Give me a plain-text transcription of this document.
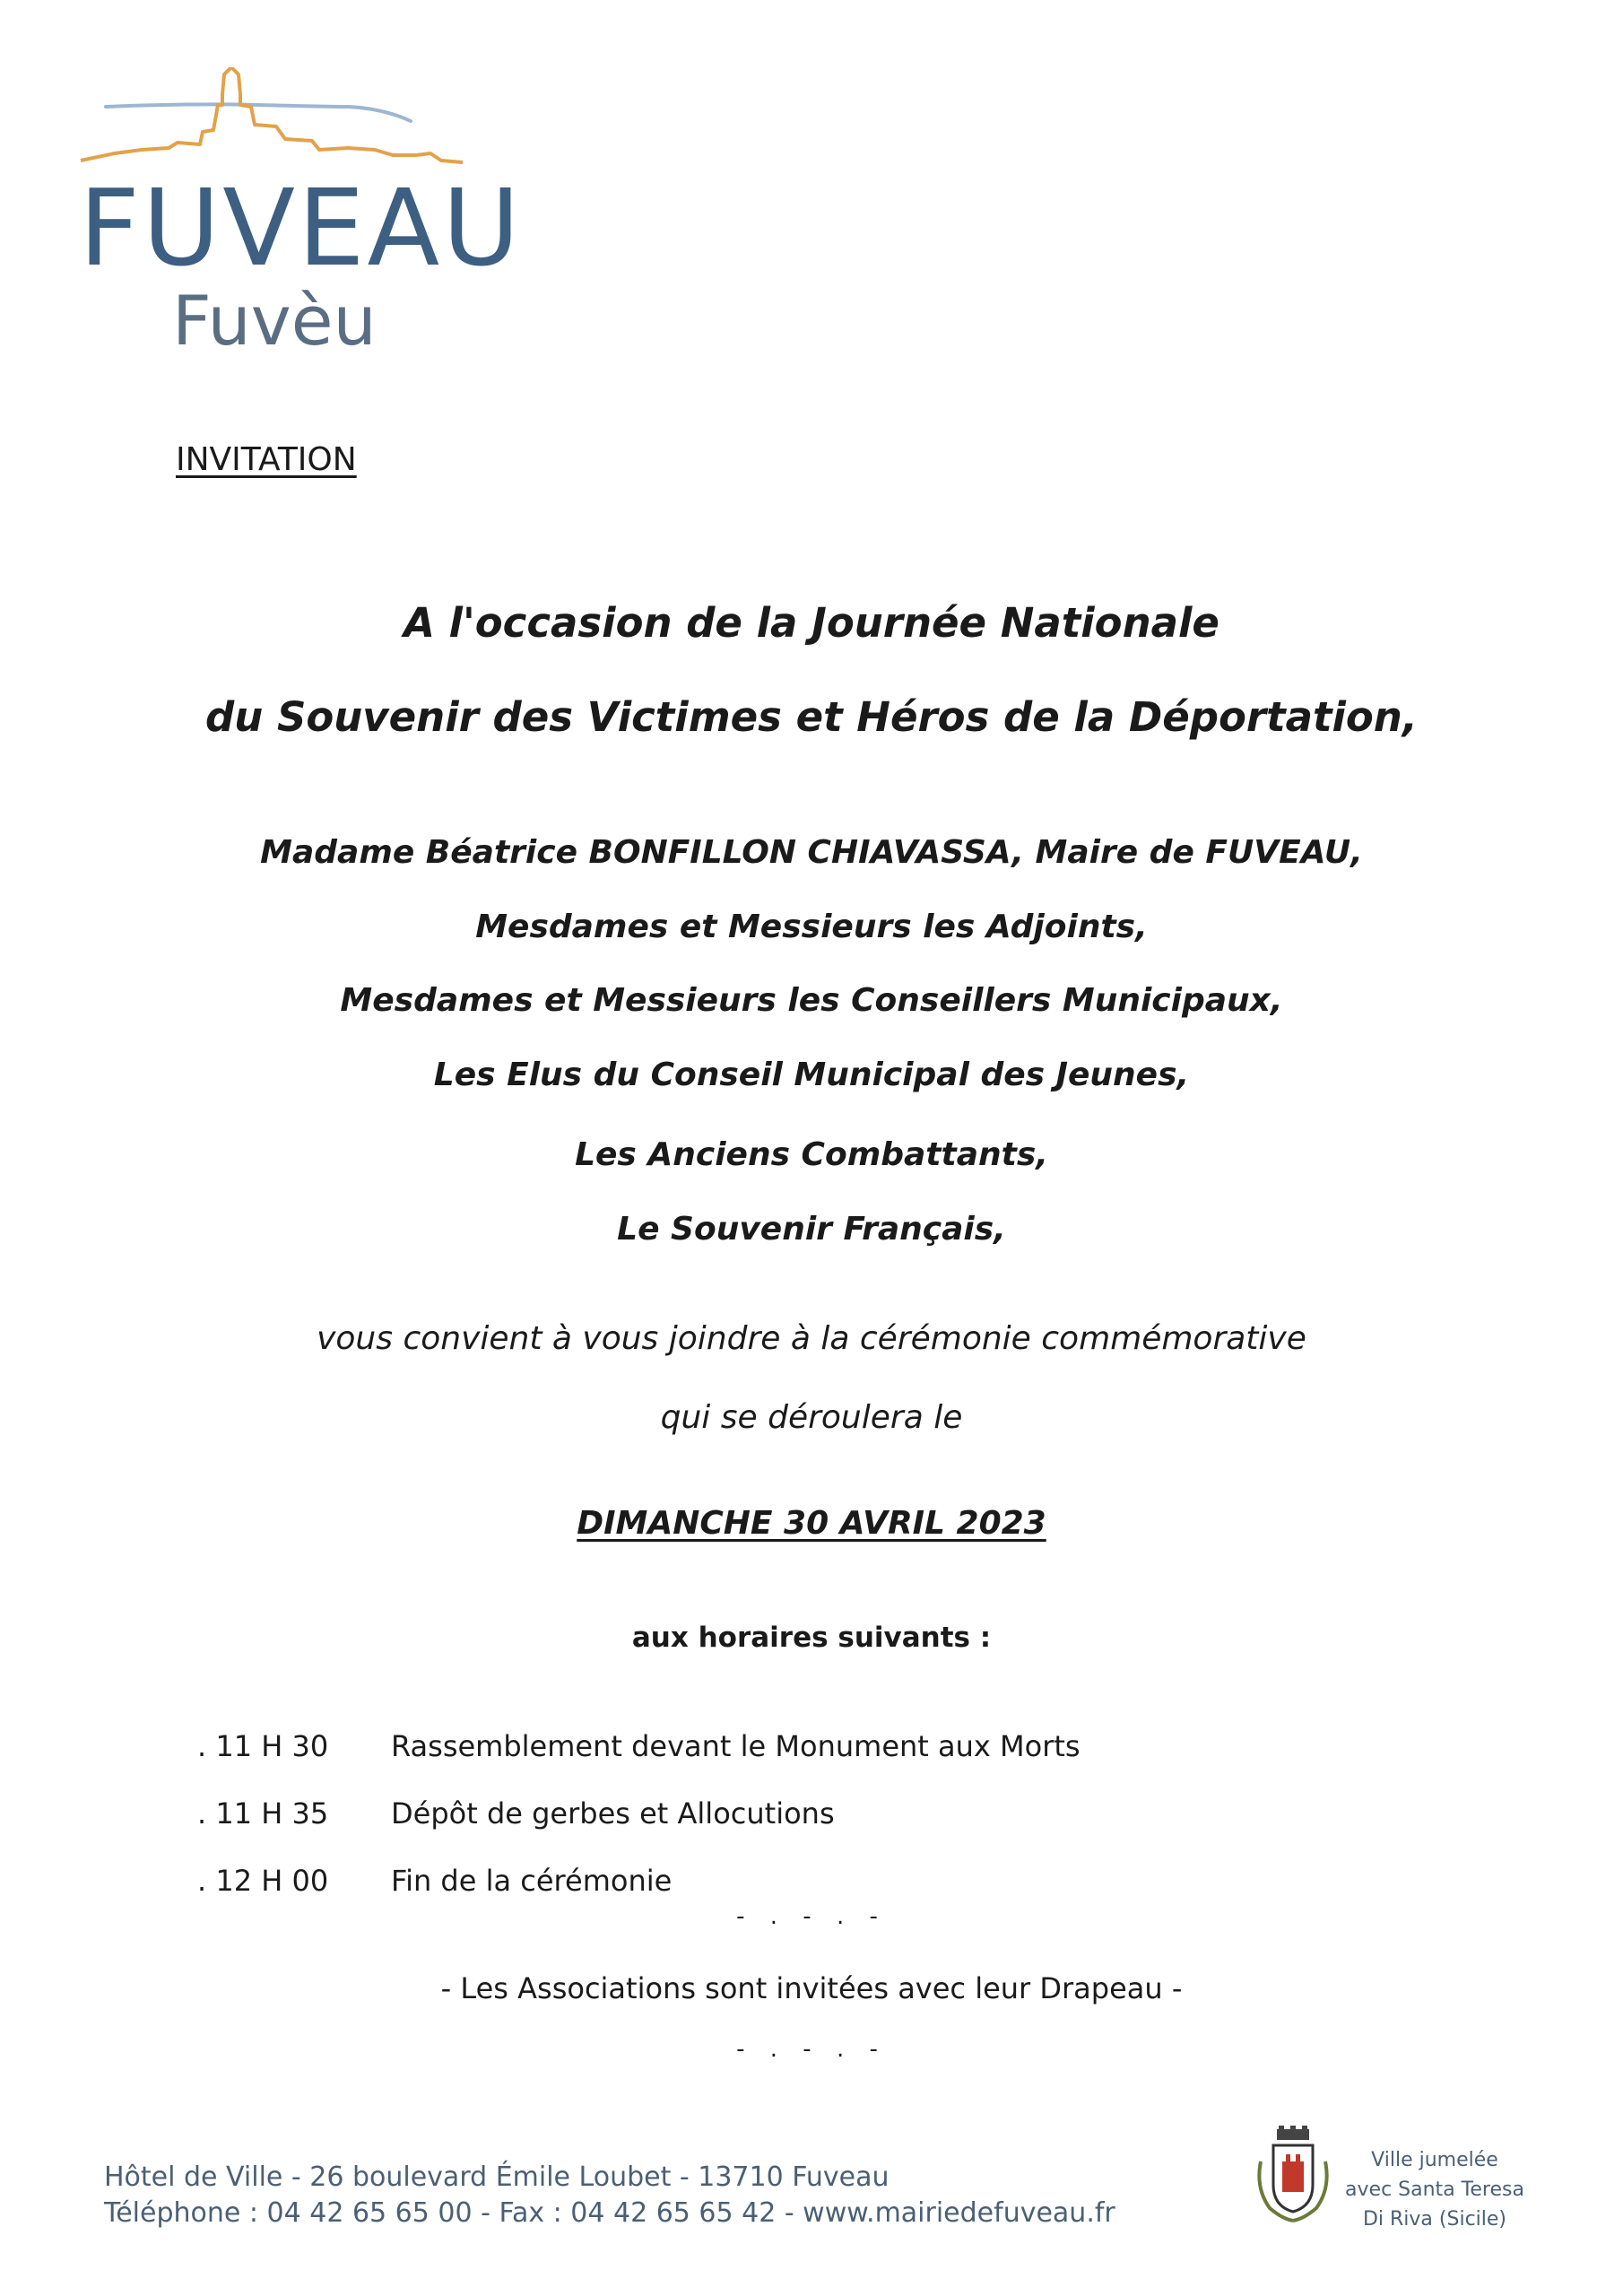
FUVEAU
Fuvèu
INVITATION
A l'occasion de la Journée Nationale
du Souvenir des Victimes et Héros de la Déportation,
Madame Béatrice BONFILLON CHIAVASSA, Maire de FUVEAU,
Mesdames et Messieurs les Adjoints,
Mesdames et Messieurs les Conseillers Municipaux,
Les Elus du Conseil Municipal des Jeunes,
Les Anciens Combattants,
Le Souvenir Français,
vous convient à vous joindre à la cérémonie commémorative
qui se déroulera le
DIMANCHE 30 AVRIL 2023
aux horaires suivants :
. 11 H 30 Rassemblement devant le Monument aux Morts
. 11 H 35 Dépôt de gerbes et Allocutions
. 12 H 00 Fin de la cérémonie
- . - . -
- Les Associations sont invitées avec leur Drapeau -
- . - . -
Hôtel de Ville - 26 boulevard Émile Loubet - 13710 Fuveau
Téléphone : 04 42 65 65 00 - Fax : 04 42 65 65 42 - www.mairiedefuveau.fr
Ville jumelée
avec Santa Teresa
Di Riva (Sicile)
